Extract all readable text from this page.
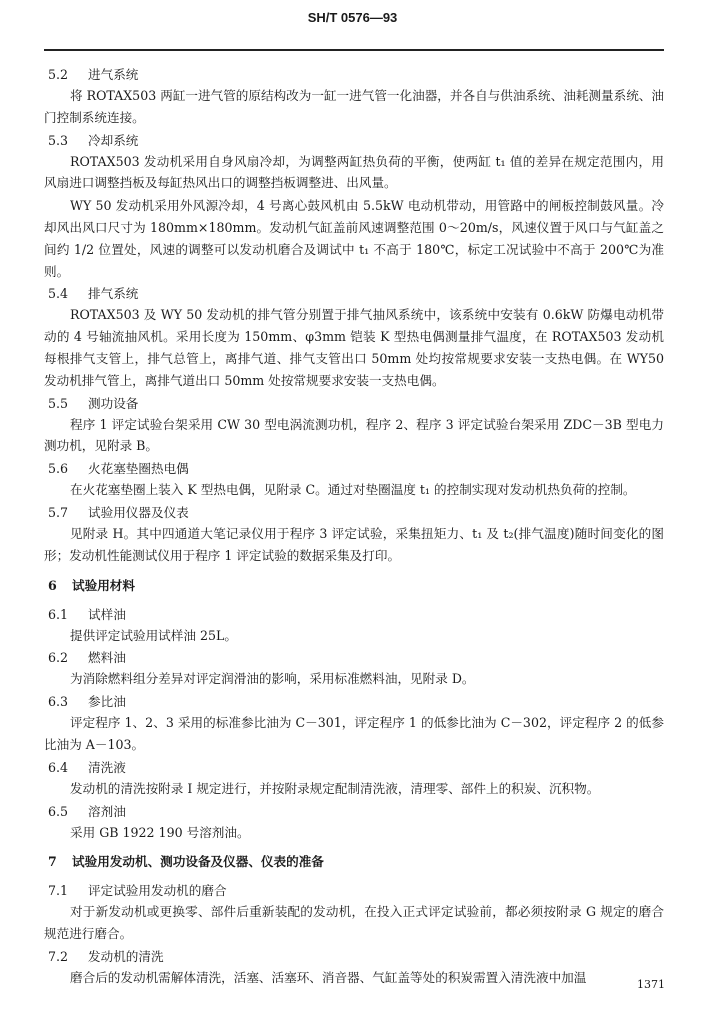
SH/T 0576—93
5.2 进气系统
将 ROTAX503 两缸一进气管的原结构改为一缸一进气管一化油器，并各自与供油系统、油耗测量系统、油门控制系统连接。
5.3 冷却系统
ROTAX503 发动机采用自身风扇冷却，为调整两缸热负荷的平衡，使两缸 t₁ 值的差异在规定范围内，用风扇进口调整挡板及每缸热风出口的调整挡板调整进、出风量。
WY 50 发动机采用外风源冷却，4 号离心鼓风机由 5.5kW 电动机带动，用管路中的闸板控制鼓风量。冷却风出风口尺寸为 180mm×180mm。发动机气缸盖前风速调整范围 0～20m/s，风速仪置于风口与气缸盖之间约 1/2 位置处，风速的调整可以发动机磨合及调试中 t₁ 不高于 180℃，标定工况试验中不高于 200℃为准则。
5.4 排气系统
ROTAX503 及 WY 50 发动机的排气管分别置于排气抽风系统中，该系统中安装有 0.6kW 防爆电动机带动的 4 号轴流抽风机。采用长度为 150mm、φ3mm 铠装 K 型热电偶测量排气温度，在 ROTAX503 发动机每根排气支管上，排气总管上，离排气道、排气支管出口 50mm 处均按常规要求安装一支热电偶。在 WY50 发动机排气管上，离排气道出口 50mm 处按常规要求安装一支热电偶。
5.5 测功设备
程序 1 评定试验台架采用 CW 30 型电涡流测功机，程序 2、程序 3 评定试验台架采用 ZDC－3B 型电力测功机，见附录 B。
5.6 火花塞垫圈热电偶
在火花塞垫圈上装入 K 型热电偶，见附录 C。通过对垫圈温度 t₁ 的控制实现对发动机热负荷的控制。
5.7 试验用仪器及仪表
见附录 H。其中四通道大笔记录仪用于程序 3 评定试验，采集扭矩力、t₁ 及 t₂(排气温度)随时间变化的图形；发动机性能测试仪用于程序 1 评定试验的数据采集及打印。
6 试验用材料
6.1 试样油
提供评定试验用试样油 25L。
6.2 燃料油
为消除燃料组分差异对评定润滑油的影响，采用标准燃料油，见附录 D。
6.3 参比油
评定程序 1、2、3 采用的标准参比油为 C－301，评定程序 1 的低参比油为 C－302，评定程序 2 的低参比油为 A－103。
6.4 清洗液
发动机的清洗按附录 I 规定进行，并按附录规定配制清洗液，清理零、部件上的积炭、沉积物。
6.5 溶剂油
采用 GB 1922 190 号溶剂油。
7 试验用发动机、测功设备及仪器、仪表的准备
7.1 评定试验用发动机的磨合
对于新发动机或更换零、部件后重新装配的发动机，在投入正式评定试验前，都必须按附录 G 规定的磨合规范进行磨合。
7.2 发动机的清洗
磨合后的发动机需解体清洗，活塞、活塞环、消音器、气缸盖等处的积炭需置入清洗液中加温	1371
